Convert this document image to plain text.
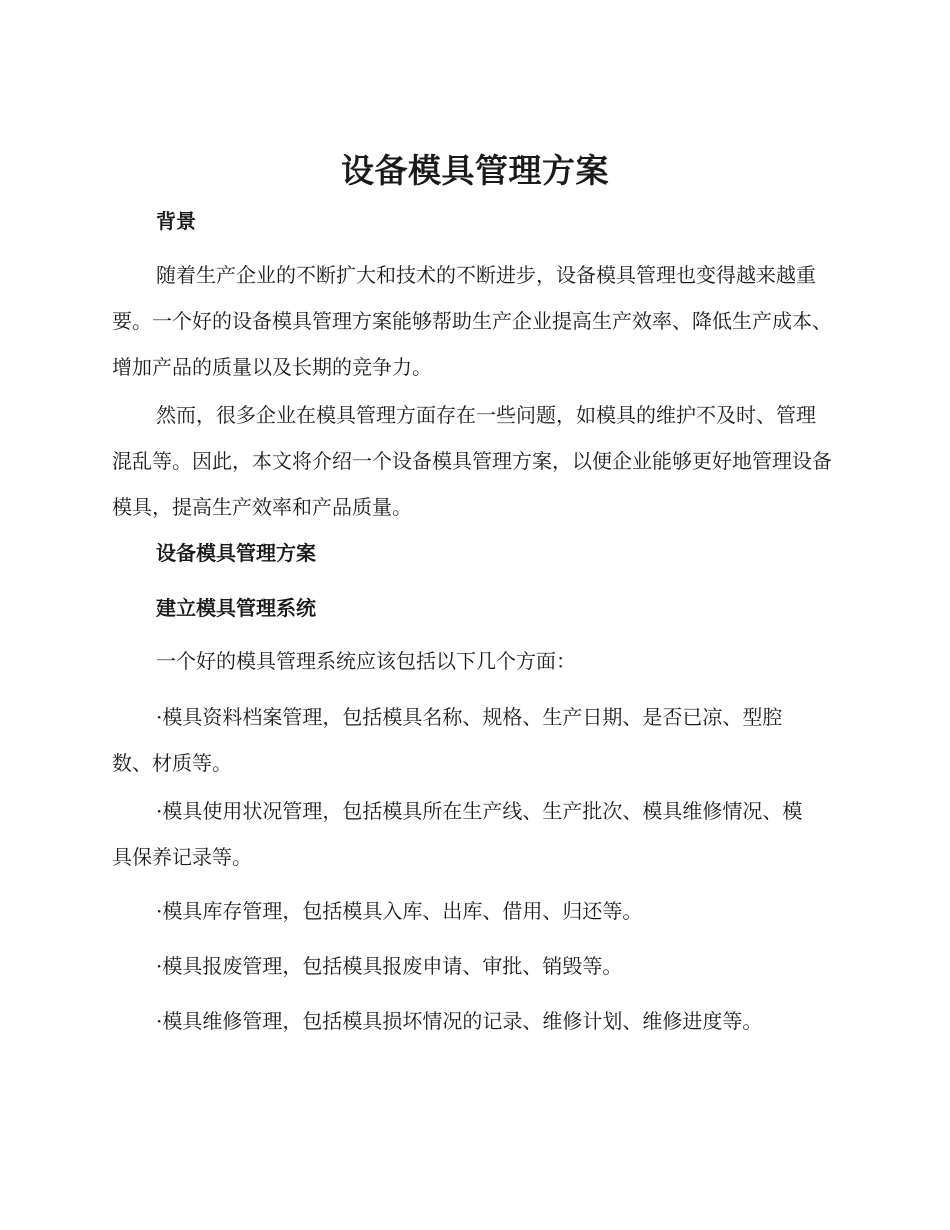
设备模具管理方案
背景

随着生产企业的不断扩大和技术的不断进步，设备模具管理也变得越来越重要。一个好的设备模具管理方案能够帮助生产企业提高生产效率、降低生产成本、增加产品的质量以及长期的竞争力。

然而，很多企业在模具管理方面存在一些问题，如模具的维护不及时、管理混乱等。因此，本文将介绍一个设备模具管理方案，以便企业能够更好地管理设备模具，提高生产效率和产品质量。

设备模具管理方案
建立模具管理系统

一个好的模具管理系统应该包括以下几个方面：

·模具资料档案管理，包括模具名称、规格、生产日期、是否已凉、型腔数、材质等。

·模具使用状况管理，包括模具所在生产线、生产批次、模具维修情况、模具保养记录等。

·模具库存管理，包括模具入库、出库、借用、归还等。

·模具报废管理，包括模具报废申请、审批、销毁等。

·模具维修管理，包括模具损坏情况的记录、维修计划、维修进度等。
